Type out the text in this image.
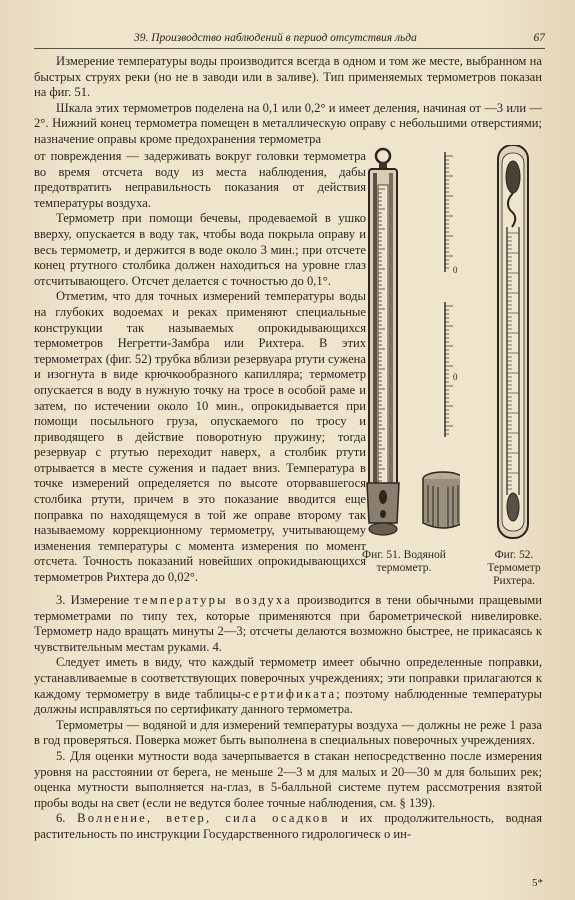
39. Производство наблюдений в период отсутствия льда	67

Измерение температуры воды производится всегда в одном и том же месте, выбранном на быстрых струях реки (но не в заводи или в заливе). Тип применяемых термометров показан на фиг. 51.

Шкала этих термометров поделена на 0,1 или 0,2° и имеет деления, начиная от —3 или —2°. Нижний конец термометра помещен в металлическую оправу с небольшими отверстиями; назначение оправы кроме предохранения термометра

от повреждения — задерживать вокруг головки термометра во время отсчета воду из места наблюдения, дабы предотвратить неправильность показания от действия температуры воздуха.

Термометр при помощи бечевы, продеваемой в ушко вверху, опускается в воду так, чтобы вода покрыла оправу и весь термометр, и держится в воде около 3 мин.; при отсчете конец ртутного столбика должен находиться на уровне глаз отсчитывающего. Отсчет делается с точностью до 0,1°.

Отметим, что для точных измерений температуры воды на глубоких водоемах и реках применяют специальные конструкции так называемых опрокидывающихся термометров Негретти-Замбра или Рихтера. В этих термометрах (фиг. 52) трубка вблизи резервуара ртути сужена и изогнута в виде крючкообразного капилляра; термометр опускается в воду в нужную точку на тросе в особой раме и затем, по истечении около 10 мин., опрокидывается при помощи посыльного груза, опускаемого по тросу и приводящего в действие поворотную пружину; тогда резервуар с ртутью переходит наверх, а столбик ртути отрывается в месте сужения и падает вниз. Температура в точке измерений определяется по высоте оторвавшегося столбика ртути, причем в это показание вводится еще поправка по находящемуся в той же оправе второму так называемому коррекционному термометру, учитывающему изменения температуры с момента измерения по момент отсчета. Точность показаний новейших опрокидывающихся термометров Рихтера до 0,02°.

0
0
Фиг. 51. Водяной
термометр.
Фиг. 52.
Термометр
Рихтера.

3. Измерение температуры воздуха производится в тени обычными пращевыми термометрами по типу тех, которые применяются при барометрической нивелировке. Термометр надо вращать минуты 2—3; отсчеты делаются возможно быстрее, не прикасаясь к чувствительным местам руками. 4.

Следует иметь в виду, что каждый термометр имеет обычно определенные поправки, устанавливаемые в соответствующих поверочных учреждениях; эти поправки прилагаются к каждому термометру в виде таблицы-сертификата; поэтому наблюденные температуры должны исправляться по сертификату данного термометра.

Термометры — водяной и для измерений температуры воздуха — должны не реже 1 раза в год проверяться. Поверка может быть выполнена в специальных поверочных учреждениях.

5. Для оценки мутности вода зачерпывается в стакан непосредственно после измерения уровня на расстоянии от берега, не меньше 2—3 м для малых и 20—30 м для больших рек; оценка мутности выполняется на-глаз, в 5-балльной системе путем рассмотрения взятой пробы воды на свет (если не ведутся более точные наблюдения, см. § 139).

6. Волнение, ветер, сила осадков и их продолжительность, водная растительность по инструкции Государственного гидрологическ о ин-

5*
